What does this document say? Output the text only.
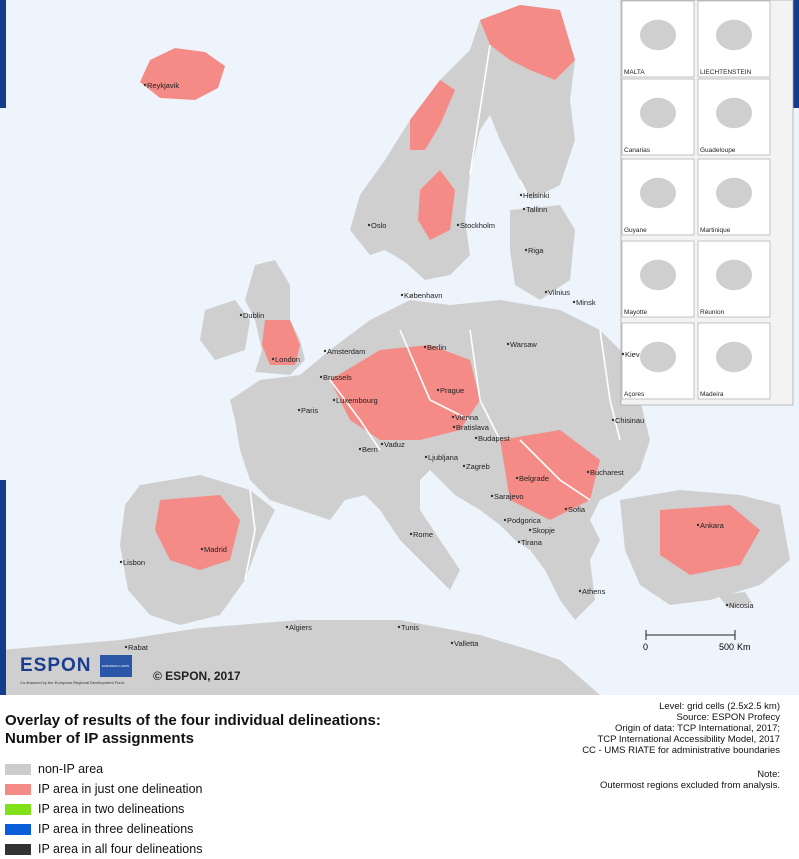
MALTA	LIECHTENSTEIN
Canarias	Guadeloupe
Guyane	Martinique
Mayotte	Réunion
Açores	Madeira
Reykjavik
Helsinki
Tallinn
Oslo	Stockholm
Riga
Minsk
Vilnius
København
Dublin
London
Amsterdam	Berlin	Warsaw
Brussels
Luxembourg
Paris
Prague
Vienna
Bratislava
Budapest
Chisinau
Vaduz
Bern
Ljubljana
Zagreb
Bucharest
Belgrade
Sarajevo
Sofia
Podgorica
Skopje
Rome
Tirana
Madrid
Ankara
Lisbon
Athens
Nicosia
Algiers	Tunis
Valletta
Rabat
Kiev
0	500 Km
ESPON	EUROPEAN UNION
Co-financed by the European Regional Development Fund © ESPON, 2017
Overlay of results of the four individual delineations:
Number of IP assignments
non-IP area
IP area in just one delineation
IP area in two delineations
IP area in three delineations
IP area in all four delineations
Level: grid cells (2.5x2.5 km)
Source: ESPON Profecy
Origin of data: TCP International, 2017;
TCP International Accessibility Model, 2017
CC - UMS RIATE for administrative boundaries
Note:
Outermost regions excluded from analysis.
